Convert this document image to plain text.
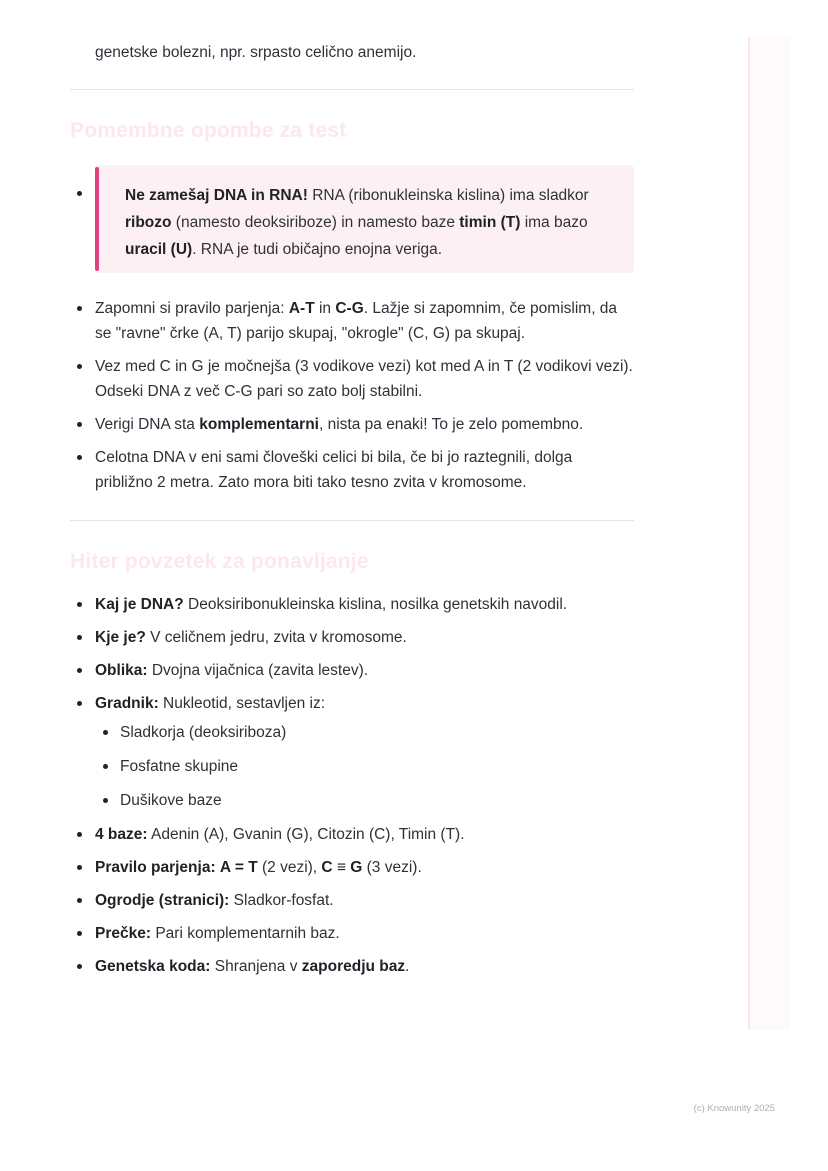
genetske bolezni, npr. srpasto celično anemijo.
Pomembne opombe za test
Ne zamešaj DNA in RNA! RNA (ribonukleinska kislina) ima sladkor ribozo (namesto deoksiriboze) in namesto baze timin (T) ima bazo uracil (U). RNA je tudi običajno enojna veriga.
Zapomni si pravilo parjenja: A-T in C-G. Lažje si zapomnim, če pomislim, da se "ravne" črke (A, T) parijo skupaj, "okrogle" (C, G) pa skupaj.
Vez med C in G je močnejša (3 vodikove vezi) kot med A in T (2 vodikovi vezi). Odseki DNA z več C-G pari so zato bolj stabilni.
Verigi DNA sta komplementarni, nista pa enaki! To je zelo pomembno.
Celotna DNA v eni sami človeški celici bi bila, če bi jo raztegnili, dolga približno 2 metra. Zato mora biti tako tesno zvita v kromosome.
Hiter povzetek za ponavljanje
Kaj je DNA? Deoksiribonukleinska kislina, nosilka genetskih navodil.
Kje je? V celičnem jedru, zvita v kromosome.
Oblika: Dvojna vijačnica (zavita lestev).
Gradnik: Nukleotid, sestavljen iz:
Sladkorja (deoksiriboza)
Fosfatne skupine
Dušikove baze
4 baze: Adenin (A), Gvanin (G), Citozin (C), Timin (T).
Pravilo parjenja: A = T (2 vezi), C ≡ G (3 vezi).
Ogrodje (stranici): Sladkor-fosfat.
Prečke: Pari komplementarnih baz.
Genetska koda: Shranjena v zaporedju baz.
(c) Knowunity 2025
